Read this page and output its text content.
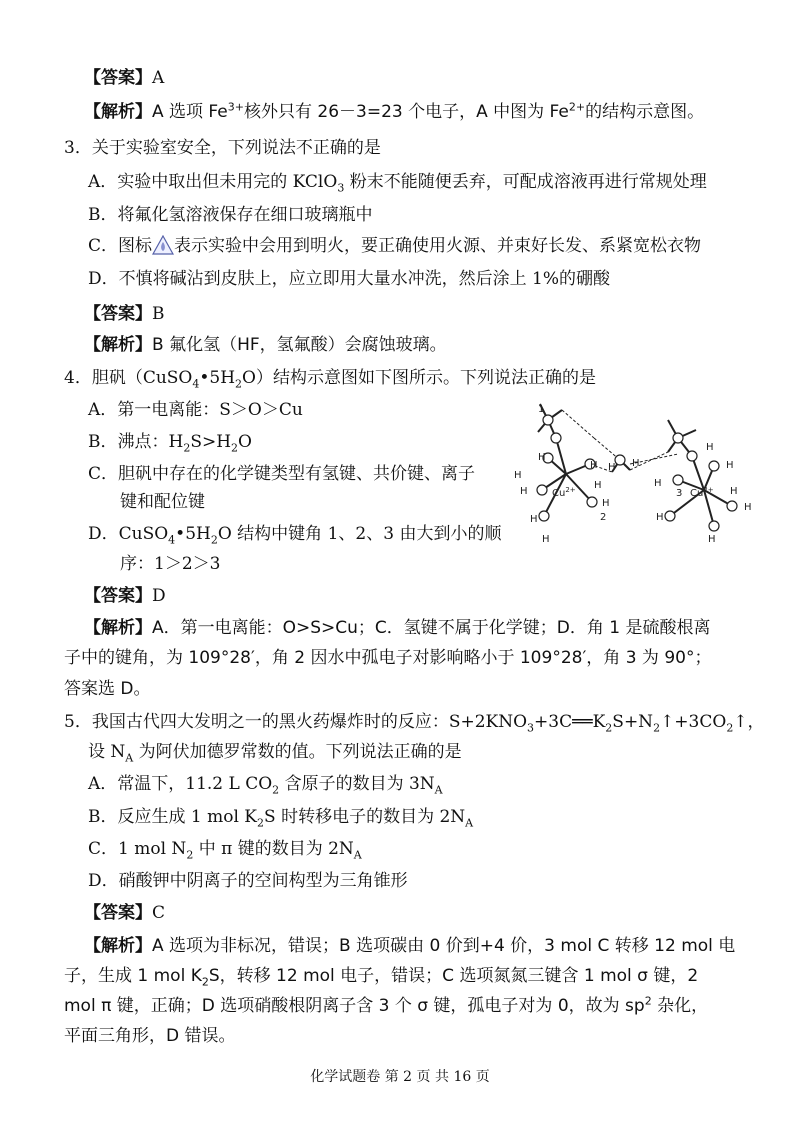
【答案】A
【解析】A 选项 $Fe^{3+}$核外只有 26－3=23 个电子，A 中图为 $Fe^{2+}$的结构示意图。
3．关于实验室安全，下列说法不正确的是
A．实验中取出但未用完的 KClO$_3$ 粉末不能随便丢弃，可配成溶液再进行常规处理
B．将氟化氢溶液保存在细口玻璃瓶中
C．图标 表示实验中会用到明火，要正确使用火源、并束好长发、系紧宽松衣物
D．不慎将碱沾到皮肤上，应立即用大量水冲洗，然后涂上 1%的硼酸
【答案】B
【解析】B 氟化氢（HF，氢氟酸）会腐蚀玻璃。
4．胆矾$(CuSO_4•5H_2O)$结构示意图如下图所示。下列说法正确的是
A．第一电离能：S＞O＞Cu
B．沸点：$H_2S>H_2O$
C．胆矾中存在的化学键类型有氢键、共价键、离子
键和配位键
D．$CuSO_4•5H_2O$ 结构中键角 1、2、3 由大到小的顺
序：1＞2＞3
$Cu^{2+}$	$Cu^{2+}$
1
2
3
H
H
H
H
H
H
H
H
H H
H
H
H
H
H
H
H
【答案】D
【解析】A．第一电离能：O>S>Cu；C．氢键不属于化学键；D．角 1 是硫酸根离
子中的键角，为 109°28′，角 2 因水中孤电子对影响略小于 109°28′，角 3 为 90°；
答案选 D。
5．我国古代四大发明之一的黑火药爆炸时的反应：$S+2KNO_3+3C══K_2S+N_2↑+3CO_2↑$，
设 $N_A$ 为阿伏加德罗常数的值。下列说法正确的是
A．常温下，11.2 L $CO_2$ 含原子的数目为 $3N_A$
B．反应生成 1 mol $K_2S$ 时转移电子的数目为 $2N_A$
C．1 mol $N_2$ 中 π 键的数目为 $2N_A$
D．硝酸钾中阴离子的空间构型为三角锥形
【答案】C
【解析】A 选项为非标况，错误；B 选项碳由 0 价到+4 价，3 mol C 转移 12 mol 电
子，生成 1 mol $K_2S$，转移 12 mol 电子，错误；C 选项氮氮三键含 1 mol σ 键，2
mol π 键，正确；D 选项硝酸根阴离子含 3 个 σ 键，孤电子对为 0，故为 $sp^2$ 杂化，
平面三角形，D 错误。
化学试题卷 第 2 页 共 16 页
